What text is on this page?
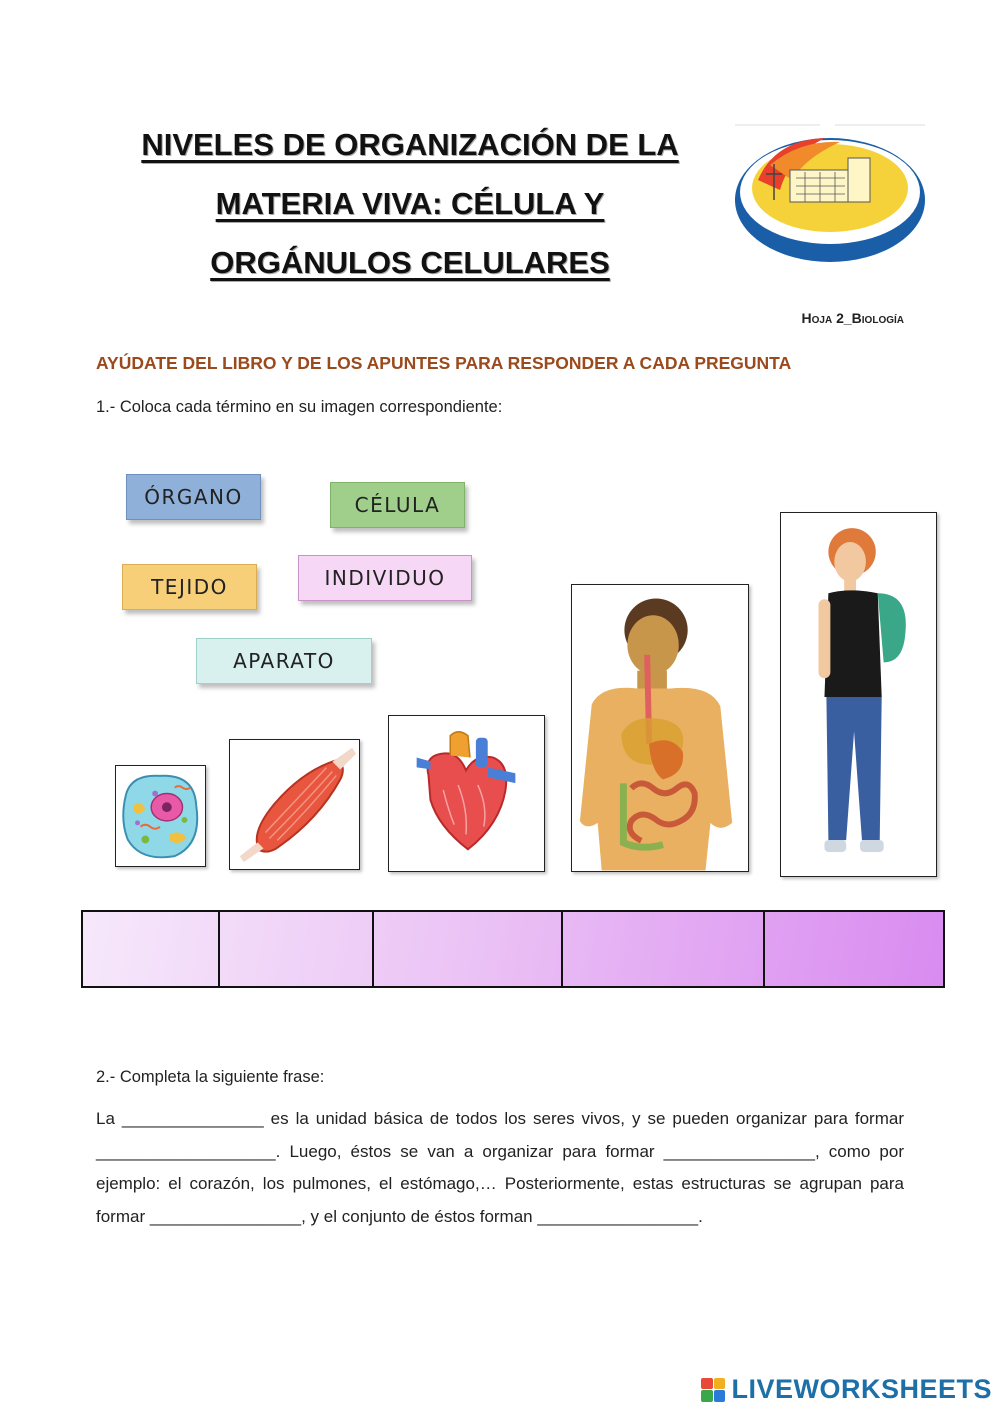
NIVELES DE ORGANIZACIÓN DE LA
MATERIA VIVA: CÉLULA Y
ORGÁNULOS CELULARES
Hoja 2_Biología
AYÚDATE DEL LIBRO Y DE LOS APUNTES PARA RESPONDER A CADA PREGUNTA
1.- Coloca cada término en su imagen correspondiente:
ÓRGANO	CÉLULA
TEJIDO	INDIVIDUO
APARATO
2.- Completa la siguiente frase:
La _______________ es la unidad básica de todos los seres vivos, y se pueden organizar para formar ___________________. Luego, éstos se van a organizar para formar ________________, como por ejemplo: el corazón, los pulmones, el estómago,… Posteriormente, estas estructuras se agrupan para formar ________________, y el conjunto de éstos forman _________________.
LIVEWORKSHEETS
